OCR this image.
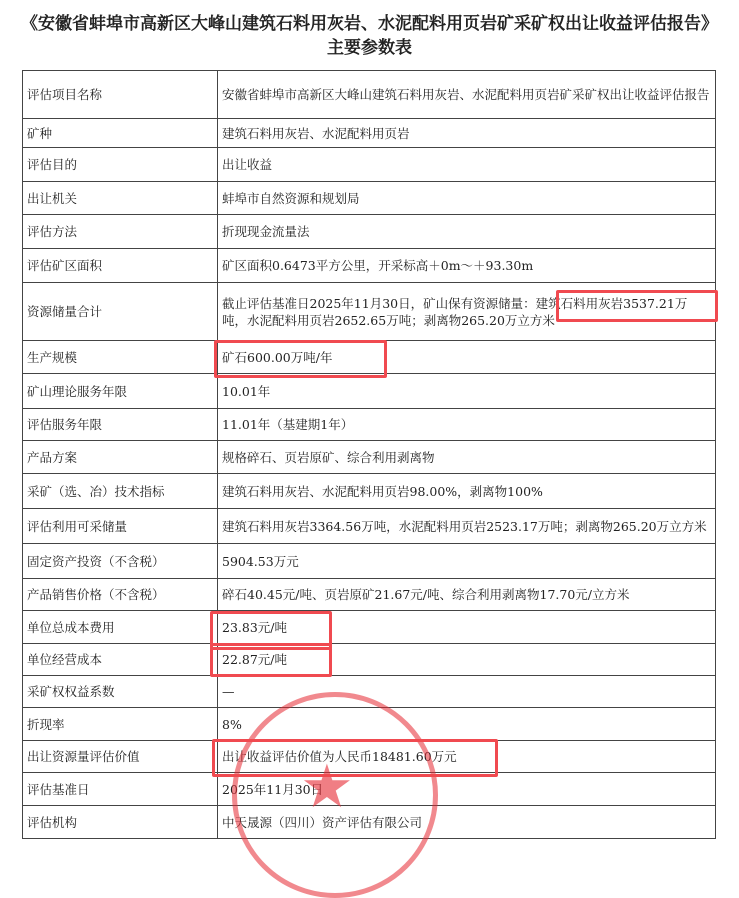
《安徽省蚌埠市高新区大峰山建筑石料用灰岩、水泥配料用页岩矿采矿权出让收益评估报告》
主要参数表
评估项目名称	安徽省蚌埠市高新区大峰山建筑石料用灰岩、水泥配料用页岩矿采矿权出让收益评估报告
矿种	建筑石料用灰岩、水泥配料用页岩
评估目的	出让收益
出让机关	蚌埠市自然资源和规划局
评估方法	折现现金流量法
评估矿区面积	矿区面积0.6473平方公里，开采标高＋0m～＋93.30m
资源储量合计	截止评估基准日2025年11月30日，矿山保有资源储量：建筑石料用灰岩3537.21万吨，水泥配料用页岩2652.65万吨；剥离物265.20万立方米
生产规模	矿石600.00万吨/年
矿山理论服务年限	10.01年
评估服务年限	11.01年（基建期1年）
产品方案	规格碎石、页岩原矿、综合利用剥离物
采矿（选、冶）技术指标	建筑石料用灰岩、水泥配料用页岩98.00%，剥离物100%
评估利用可采储量	建筑石料用灰岩3364.56万吨，水泥配料用页岩2523.17万吨；剥离物265.20万立方米
固定资产投资（不含税）	5904.53万元
产品销售价格（不含税）	碎石40.45元/吨、页岩原矿21.67元/吨、综合利用剥离物17.70元/立方米
单位总成本费用	23.83元/吨
单位经营成本	22.87元/吨
采矿权权益系数	—
折现率	8%
出让资源量评估价值	出让收益评估价值为人民币18481.60万元
评估基准日	2025年11月30日
评估机构	中天晟源（四川）资产评估有限公司
★
